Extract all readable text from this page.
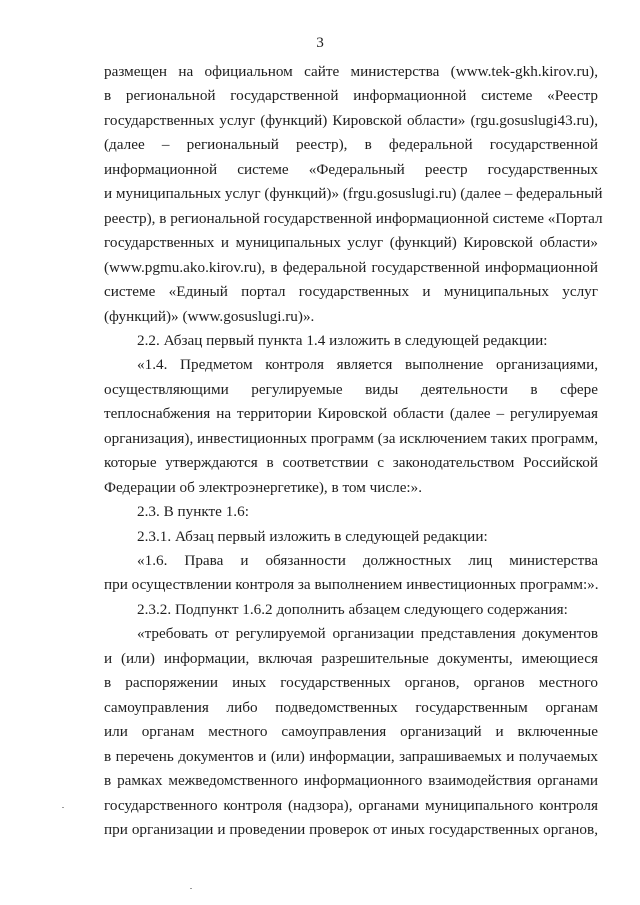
3
размещен на официальном сайте министерства (www.tek-gkh.kirov.ru),
в региональной государственной информационной системе «Реестр
государственных услуг (функций) Кировской области» (rgu.gosuslugi43.ru),
(далее – региональный реестр), в федеральной государственной
информационной системе «Федеральный реестр государственных
и муниципальных услуг (функций)» (frgu.gosuslugi.ru) (далее – федеральный
реестр), в региональной государственной информационной системе «Портал
государственных и муниципальных услуг (функций) Кировской области»
(www.pgmu.ako.kirov.ru), в федеральной государственной информационной
системе «Единый портал государственных и муниципальных услуг
(функций)» (www.gosuslugi.ru)».
2.2. Абзац первый пункта 1.4 изложить в следующей редакции:
«1.4. Предметом контроля является выполнение организациями,
осуществляющими регулируемые виды деятельности в сфере
теплоснабжения на территории Кировской области (далее – регулируемая
организация), инвестиционных программ (за исключением таких программ,
которые утверждаются в соответствии с законодательством Российской
Федерации об электроэнергетике), в том числе:».
2.3. В пункте 1.6:
2.3.1. Абзац первый изложить в следующей редакции:
«1.6. Права и обязанности должностных лиц министерства
при осуществлении контроля за выполнением инвестиционных программ:».
2.3.2. Подпункт 1.6.2 дополнить абзацем следующего содержания:
«требовать от регулируемой организации представления документов
и (или) информации, включая разрешительные документы, имеющиеся
в распоряжении иных государственных органов, органов местного
самоуправления либо подведомственных государственным органам
или органам местного самоуправления организаций и включенные
в перечень документов и (или) информации, запрашиваемых и получаемых
в рамках межведомственного информационного взаимодействия органами
государственного контроля (надзора), органами муниципального контроля
при организации и проведении проверок от иных государственных органов,
